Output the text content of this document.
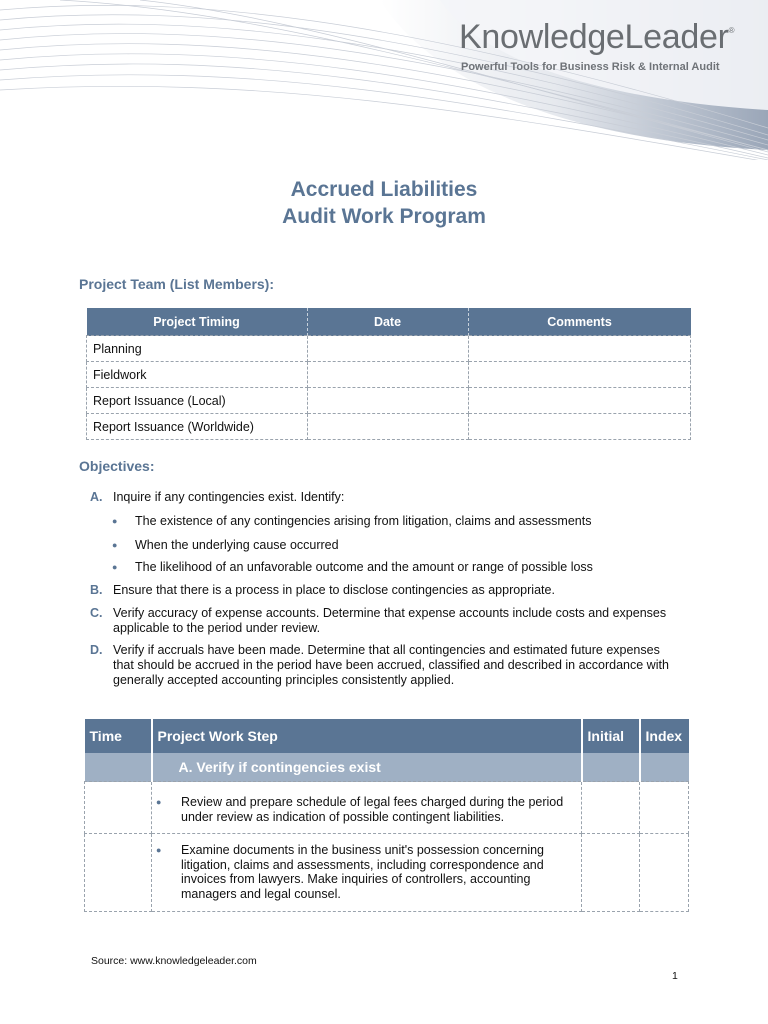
KnowledgeLeader®
Powerful Tools for Business Risk & Internal Audit
Accrued Liabilities
Audit Work Program
Project Team (List Members):
Project Timing	Date	Comments
Planning		
Fieldwork		
Report Issuance (Local)		
Report Issuance (Worldwide)		
Objectives:
A. Inquire if any contingencies exist. Identify:
● The existence of any contingencies arising from litigation, claims and assessments
● When the underlying cause occurred
● The likelihood of an unfavorable outcome and the amount or range of possible loss
B. Ensure that there is a process in place to disclose contingencies as appropriate.
C. Verify accuracy of expense accounts. Determine that expense accounts include costs and expenses applicable to the period under review.
D. Verify if accruals have been made. Determine that all contingencies and estimated future expenses that should be accrued in the period have been accrued, classified and described in accordance with generally accepted accounting principles consistently applied.
Time	Project Work Step	Initial	Index
	A. Verify if contingencies exist		

	● Review and prepare schedule of legal fees charged during the period under review as indication of possible contingent liabilities.		

	● Examine documents in the business unit's possession concerning litigation, claims and assessments, including correspondence and invoices from lawyers. Make inquiries of controllers, accounting managers and legal counsel.		

Source: www.knowledgeleader.com
1
